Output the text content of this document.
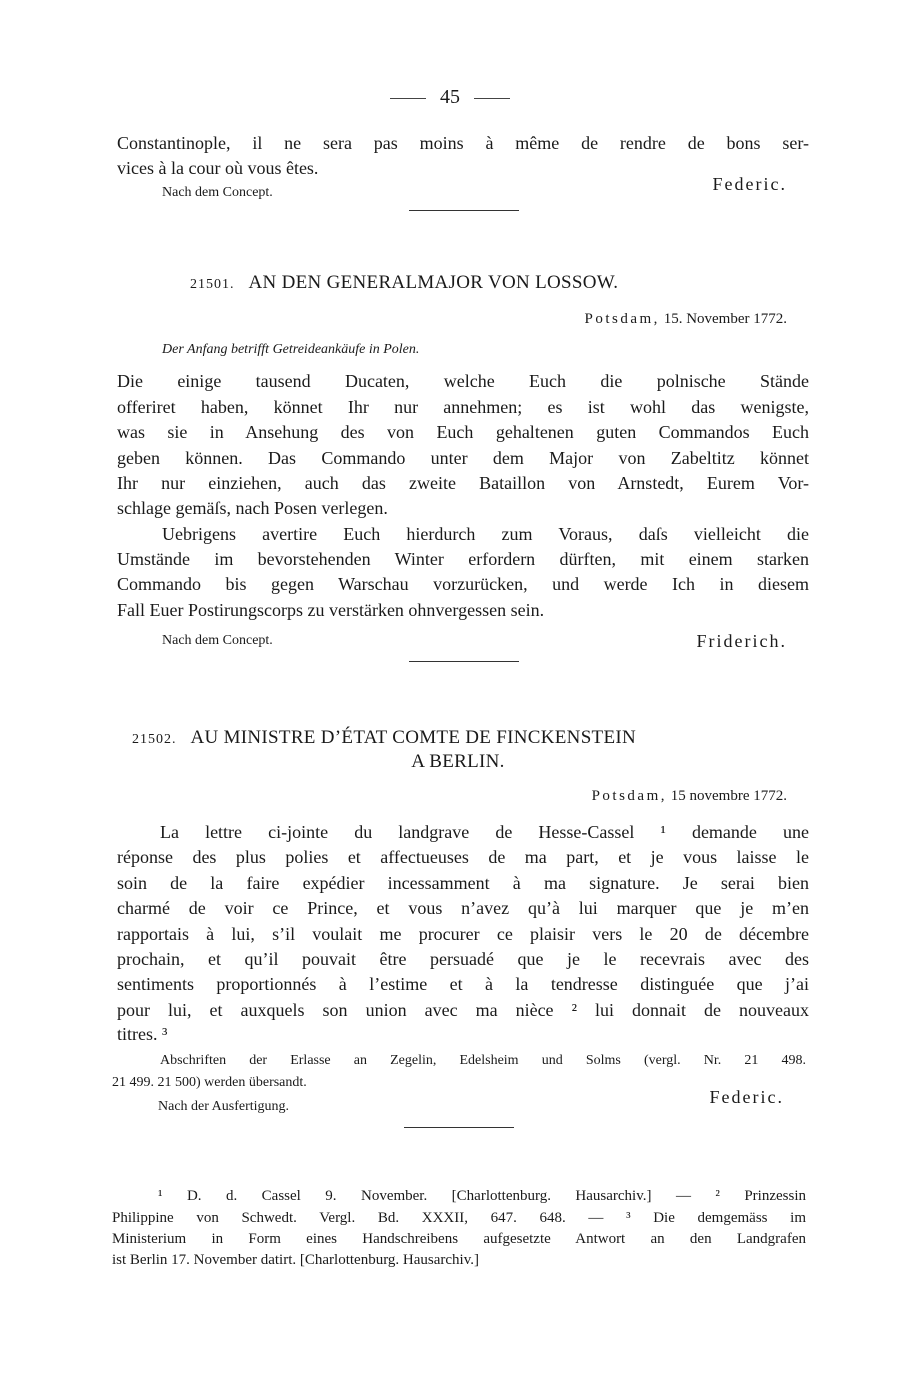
45
Constantinople, il ne sera pas moins à même de rendre de bons ser-
vices à la cour où vous êtes.
Nach dem Concept.	Federic.
21501. AN DEN GENERALMAJOR VON LOSSOW.
Potsdam, 15. November 1772.
Der Anfang betrifft Getreideankäufe in Polen.
Die einige tausend Ducaten, welche Euch die polnische Stände
offeriret haben, könnet Ihr nur annehmen; es ist wohl das wenigste,
was sie in Ansehung des von Euch gehaltenen guten Commandos Euch
geben können. Das Commando unter dem Major von Zabeltitz könnet
Ihr nur einziehen, auch das zweite Bataillon von Arnstedt, Eurem Vor-
schlage gemäſs, nach Posen verlegen.
Uebrigens avertire Euch hierdurch zum Voraus, daſs vielleicht die
Umstände im bevorstehenden Winter erfordern dürften, mit einem starken
Commando bis gegen Warschau vorzurücken, und werde Ich in diesem
Fall Euer Postirungscorps zu verstärken ohnvergessen sein.
Nach dem Concept.	Friderich.
21502. AU MINISTRE D’ÉTAT COMTE DE FINCKENSTEIN
A BERLIN.
Potsdam, 15 novembre 1772.
La lettre ci-jointe du landgrave de Hesse-Cassel ¹ demande une
réponse des plus polies et affectueuses de ma part, et je vous laisse le
soin de la faire expédier incessamment à ma signature. Je serai bien
charmé de voir ce Prince, et vous n’avez qu’à lui marquer que je m’en
rapportais à lui, s’il voulait me procurer ce plaisir vers le 20 de décembre
prochain, et qu’il pouvait être persuadé que je le recevrais avec des
sentiments proportionnés à l’estime et à la tendresse distinguée que j’ai
pour lui, et auxquels son union avec ma nièce ² lui donnait de nouveaux
titres. ³
Abschriften der Erlasse an Zegelin, Edelsheim und Solms (vergl. Nr. 21 498.
21 499. 21 500) werden übersandt.
Nach der Ausfertigung.	Federic.
¹ D. d. Cassel 9. November. [Charlottenburg. Hausarchiv.] — ² Prinzessin
Philippine von Schwedt. Vergl. Bd. XXXII, 647. 648. — ³ Die demgemäss im
Ministerium in Form eines Handschreibens aufgesetzte Antwort an den Landgrafen
ist Berlin 17. November datirt. [Charlottenburg. Hausarchiv.]
